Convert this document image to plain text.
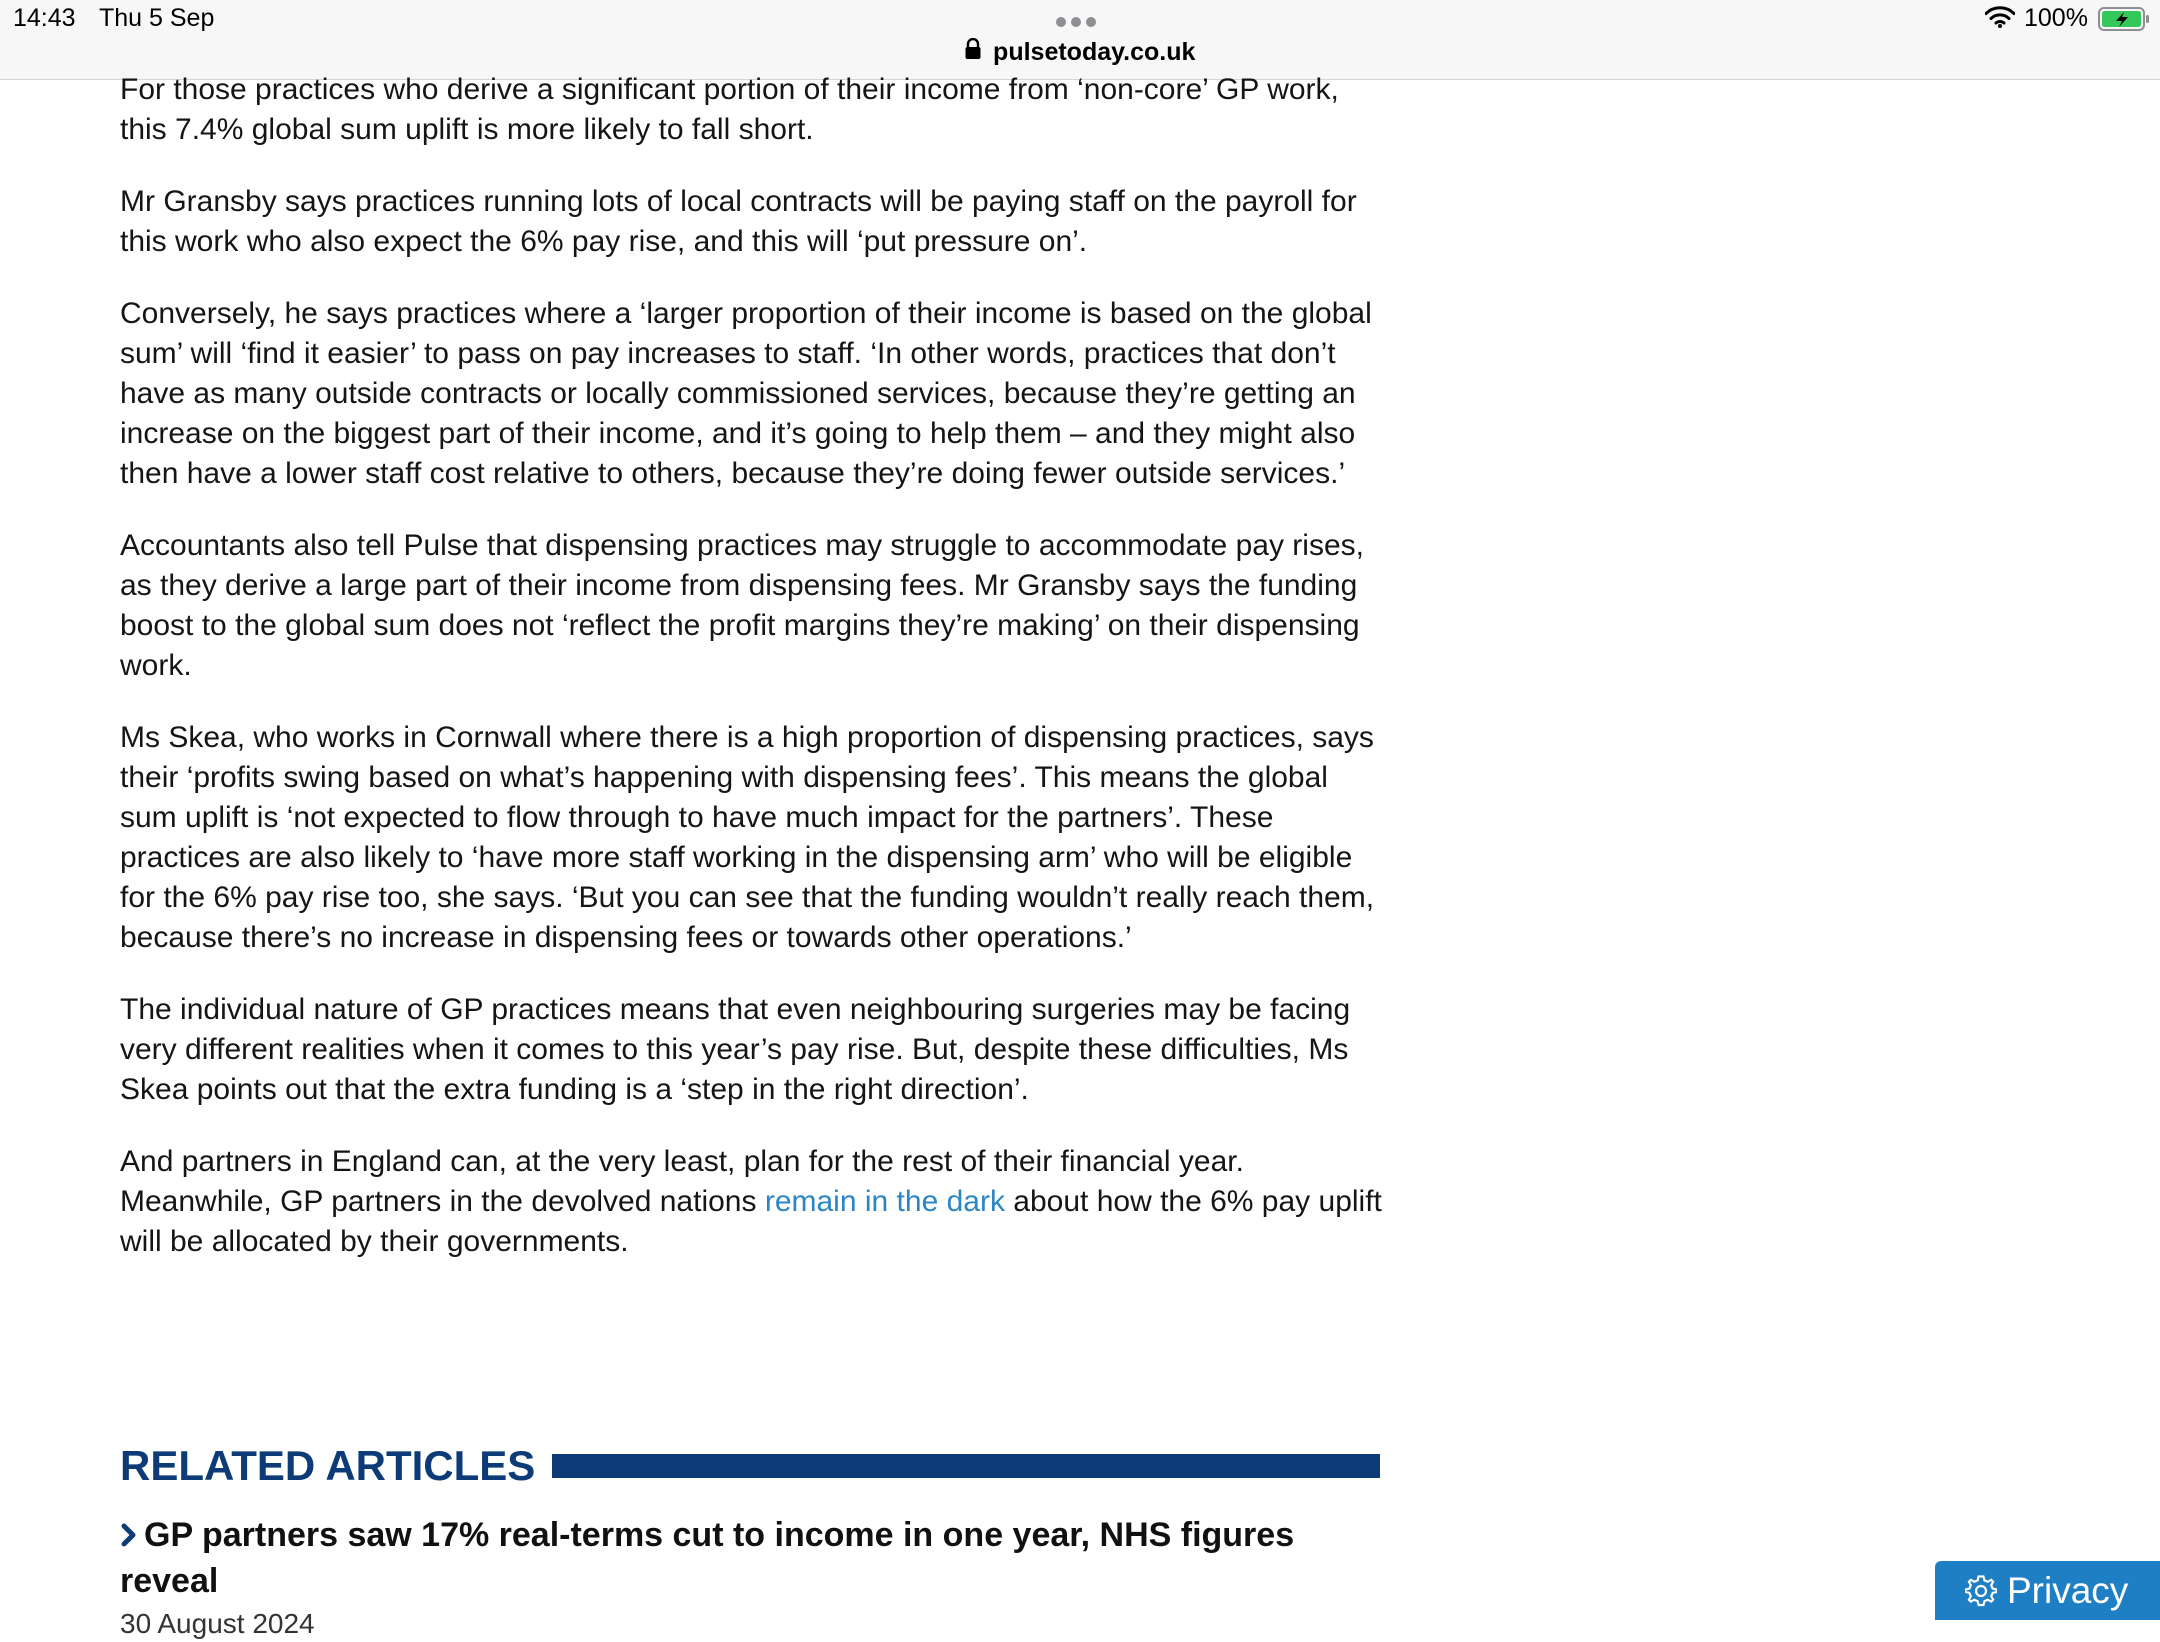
14:43 Thu 5 Sep
pulsetoday.co.uk
100%

For those practices who derive a significant portion of their income from ‘non-core’ GP work, this 7.4% global sum uplift is more likely to fall short.

Mr Gransby says practices running lots of local contracts will be paying staff on the payroll for this work who also expect the 6% pay rise, and this will ‘put pressure on’.

Conversely, he says practices where a ‘larger proportion of their income is based on the global sum’ will ‘find it easier’ to pass on pay increases to staff. ‘In other words, practices that don’t have as many outside contracts or locally commissioned services, because they’re getting an increase on the biggest part of their income, and it’s going to help them – and they might also then have a lower staff cost relative to others, because they’re doing fewer outside services.’

Accountants also tell Pulse that dispensing practices may struggle to accommodate pay rises, as they derive a large part of their income from dispensing fees. Mr Gransby says the funding boost to the global sum does not ‘reflect the profit margins they’re making’ on their dispensing work.

Ms Skea, who works in Cornwall where there is a high proportion of dispensing practices, says their ‘profits swing based on what’s happening with dispensing fees’. This means the global sum uplift is ‘not expected to flow through to have much impact for the partners’. These practices are also likely to ‘have more staff working in the dispensing arm’ who will be eligible for the 6% pay rise too, she says. ‘But you can see that the funding wouldn’t really reach them, because there’s no increase in dispensing fees or towards other operations.’

The individual nature of GP practices means that even neighbouring surgeries may be facing very different realities when it comes to this year’s pay rise. But, despite these difficulties, Ms Skea points out that the extra funding is a ‘step in the right direction’.

And partners in England can, at the very least, plan for the rest of their financial year. Meanwhile, GP partners in the devolved nations remain in the dark about how the 6% pay uplift will be allocated by their governments.

RELATED ARTICLES
GP partners saw 17% real-terms cut to income in one year, NHS figures reveal
30 August 2024
Privacy
